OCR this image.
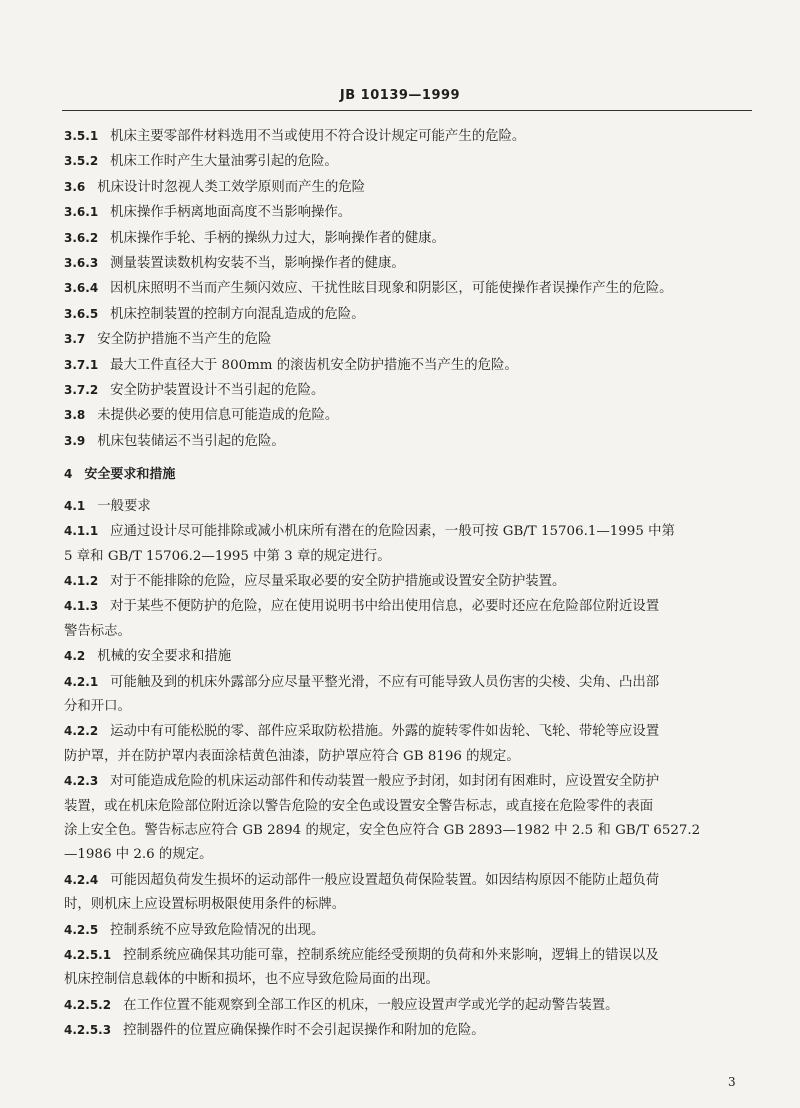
JB 10139—1999

3.5.1 机床主要零部件材料选用不当或使用不符合设计规定可能产生的危险。

3.5.2 机床工作时产生大量油雾引起的危险。

3.6 机床设计时忽视人类工效学原则而产生的危险

3.6.1 机床操作手柄离地面高度不当影响操作。

3.6.2 机床操作手轮、手柄的操纵力过大，影响操作者的健康。

3.6.3 测量装置读数机构安装不当，影响操作者的健康。

3.6.4 因机床照明不当而产生频闪效应、干扰性眩目现象和阴影区，可能使操作者误操作产生的危险。

3.6.5 机床控制装置的控制方向混乱造成的危险。

3.7 安全防护措施不当产生的危险

3.7.1 最大工件直径大于 800mm 的滚齿机安全防护措施不当产生的危险。

3.7.2 安全防护装置设计不当引起的危险。

3.8 未提供必要的使用信息可能造成的危险。

3.9 机床包装储运不当引起的危险。

4 安全要求和措施

4.1 一般要求

4.1.1 应通过设计尽可能排除或减小机床所有潜在的危险因素，一般可按 GB/T 15706.1—1995 中第

5 章和 GB/T 15706.2—1995 中第 3 章的规定进行。

4.1.2 对于不能排除的危险，应尽量采取必要的安全防护措施或设置安全防护装置。

4.1.3 对于某些不便防护的危险，应在使用说明书中给出使用信息，必要时还应在危险部位附近设置

警告标志。

4.2 机械的安全要求和措施

4.2.1 可能触及到的机床外露部分应尽量平整光滑，不应有可能导致人员伤害的尖棱、尖角、凸出部

分和开口。

4.2.2 运动中有可能松脱的零、部件应采取防松措施。外露的旋转零件如齿轮、飞轮、带轮等应设置

防护罩，并在防护罩内表面涂桔黄色油漆，防护罩应符合 GB 8196 的规定。

4.2.3 对可能造成危险的机床运动部件和传动装置一般应予封闭，如封闭有困难时，应设置安全防护

装置，或在机床危险部位附近涂以警告危险的安全色或设置安全警告标志，或直接在危险零件的表面

涂上安全色。警告标志应符合 GB 2894 的规定，安全色应符合 GB 2893—1982 中 2.5 和 GB/T 6527.2

—1986 中 2.6 的规定。

4.2.4 可能因超负荷发生损坏的运动部件一般应设置超负荷保险装置。如因结构原因不能防止超负荷

时，则机床上应设置标明极限使用条件的标牌。

4.2.5 控制系统不应导致危险情况的出现。

4.2.5.1 控制系统应确保其功能可靠，控制系统应能经受预期的负荷和外来影响，逻辑上的错误以及

机床控制信息载体的中断和损坏，也不应导致危险局面的出现。

4.2.5.2 在工作位置不能观察到全部工作区的机床，一般应设置声学或光学的起动警告装置。

4.2.5.3 控制器件的位置应确保操作时不会引起误操作和附加的危险。

3
